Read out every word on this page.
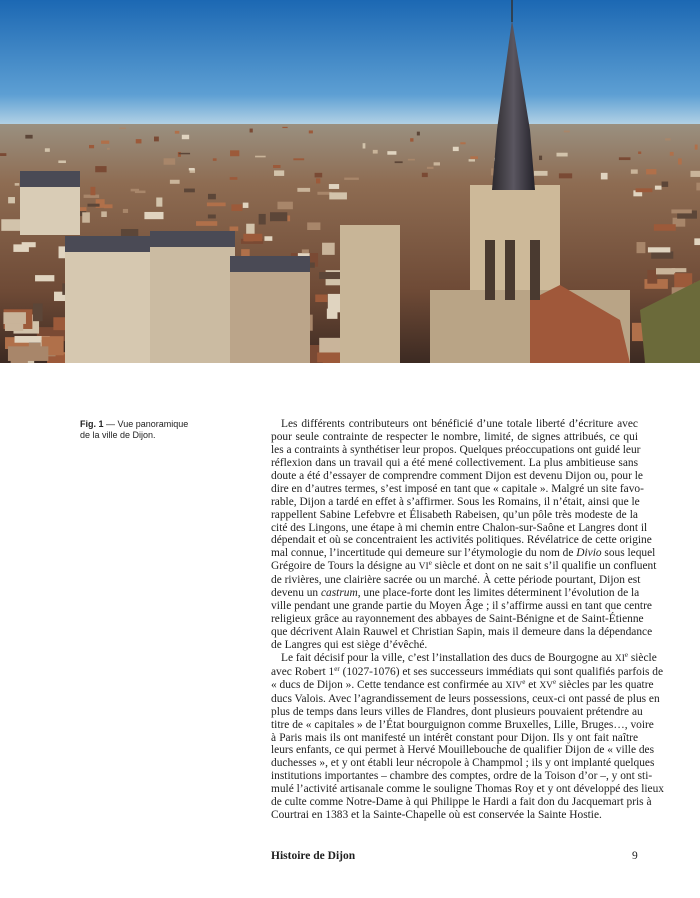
Fig. 1 — Vue panoramique
de la ville de Dijon.
Les différents contributeurs ont bénéficié d’une totale liberté d’écriture avec
pour seule contrainte de respecter le nombre, limité, de signes attribués, ce qui
les a contraints à synthétiser leur propos. Quelques préoccupations ont guidé leur
réflexion dans un travail qui a été mené collectivement. La plus ambitieuse sans
doute a été d’essayer de comprendre comment Dijon est devenu Dijon ou, pour le
dire en d’autres termes, s’est imposé en tant que « capitale ». Malgré un site favo-
rable, Dijon a tardé en effet à s’affirmer. Sous les Romains, il n’était, ainsi que le
rappellent Sabine Lefebvre et Élisabeth Rabeisen, qu’un pôle très modeste de la
cité des Lingons, une étape à mi chemin entre Chalon-sur-Saône et Langres dont il
dépendait et où se concentraient les activités politiques. Révélatrice de cette origine
mal connue, l’incertitude qui demeure sur l’étymologie du nom de Divio sous lequel
Grégoire de Tours la désigne au VIe siècle et dont on ne sait s’il qualifie un confluent
de rivières, une clairière sacrée ou un marché. À cette période pourtant, Dijon est
devenu un castrum, une place-forte dont les limites déterminent l’évolution de la
ville pendant une grande partie du Moyen Âge ; il s’affirme aussi en tant que centre
religieux grâce au rayonnement des abbayes de Saint-Bénigne et de Saint-Étienne
que décrivent Alain Rauwel et Christian Sapin, mais il demeure dans la dépendance
de Langres qui est siège d’évêché.
Le fait décisif pour la ville, c’est l’installation des ducs de Bourgogne au XIe siècle
avec Robert 1er (1027-1076) et ses successeurs immédiats qui sont qualifiés parfois de
« ducs de Dijon ». Cette tendance est confirmée au XIVe et XVe siècles par les quatre
ducs Valois. Avec l’agrandissement de leurs possessions, ceux-ci ont passé de plus en
plus de temps dans leurs villes de Flandres, dont plusieurs pouvaient prétendre au
titre de « capitales » de l’État bourguignon comme Bruxelles, Lille, Bruges…, voire
à Paris mais ils ont manifesté un intérêt constant pour Dijon. Ils y ont fait naître
leurs enfants, ce qui permet à Hervé Mouillebouche de qualifier Dijon de « ville des
duchesses », et y ont établi leur nécropole à Champmol ; ils y ont implanté quelques
institutions importantes – chambre des comptes, ordre de la Toison d’or –, y ont sti-
mulé l’activité artisanale comme le souligne Thomas Roy et y ont développé des lieux
de culte comme Notre-Dame à qui Philippe le Hardi a fait don du Jacquemart pris à
Courtrai en 1383 et la Sainte-Chapelle où est conservée la Sainte Hostie.
Histoire de Dijon	9
